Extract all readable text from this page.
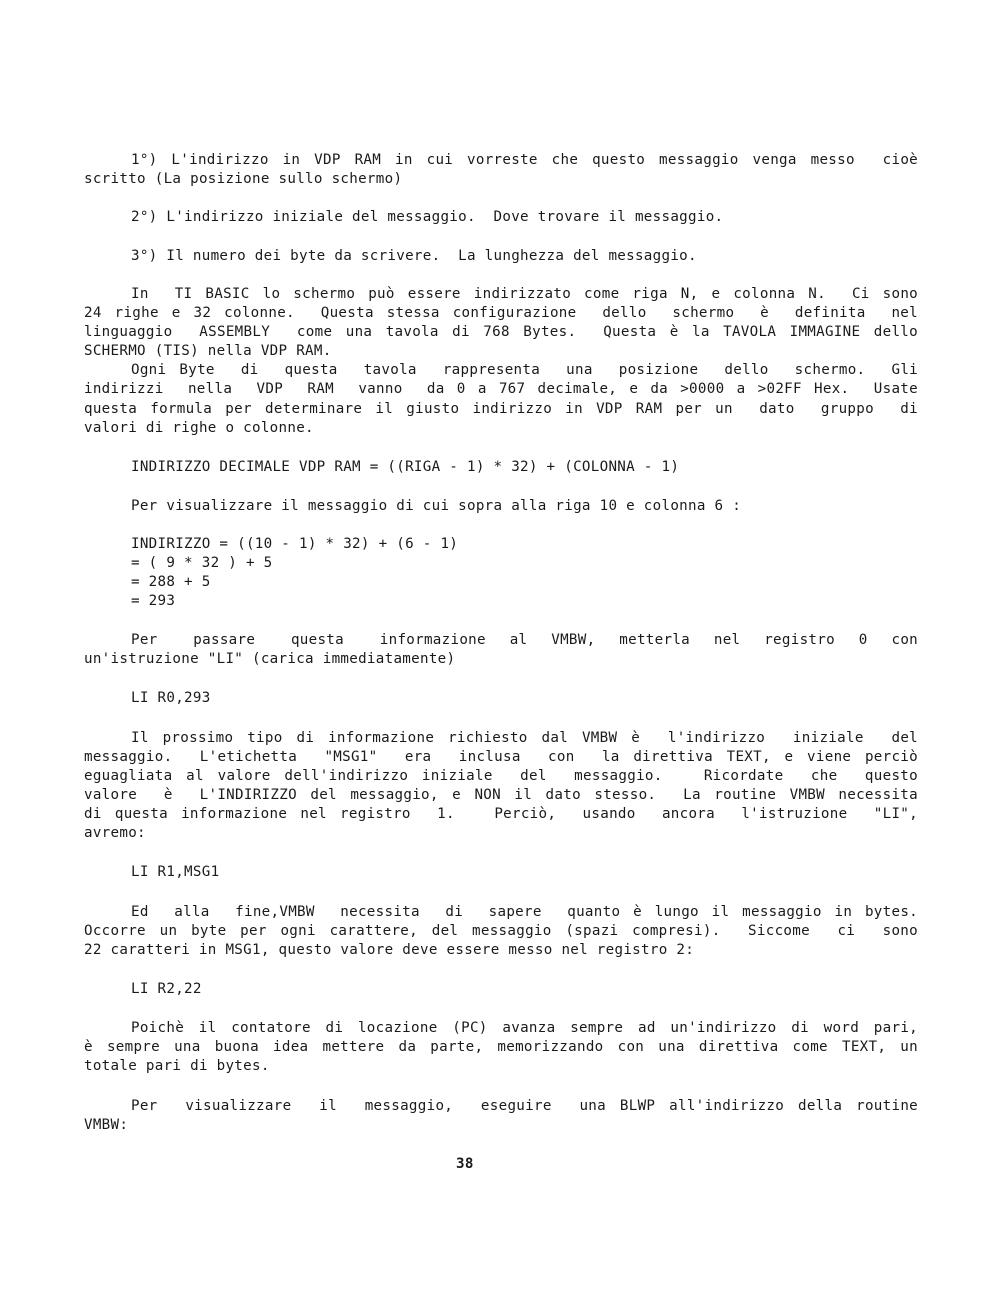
1°) L'indirizzo in VDP RAM in cui vorreste che questo messaggio venga messo  cioè
scritto (La posizione sullo schermo)
2°) L'indirizzo iniziale del messaggio.  Dove trovare il messaggio.
3°) Il numero dei byte da scrivere.  La lunghezza del messaggio.
In  TI BASIC lo schermo può essere indirizzato come riga N, e colonna N.  Ci sono
24 righe e 32 colonne.  Questa stessa configurazione  dello  schermo  è  definita  nel
linguaggio  ASSEMBLY  come una tavola di 768 Bytes.  Questa è la TAVOLA IMMAGINE dello
SCHERMO (TIS) nella VDP RAM.
Ogni Byte  di  questa  tavola  rappresenta  una  posizione  dello  schermo.  Gli
indirizzi  nella  VDP  RAM  vanno  da 0 a 767 decimale, e da >0000 a >02FF Hex.  Usate
questa formula per determinare il giusto indirizzo in VDP RAM per un  dato  gruppo  di
valori di righe o colonne.
INDIRIZZO DECIMALE VDP RAM = ((RIGA - 1) * 32) + (COLONNA - 1)
Per visualizzare il messaggio di cui sopra alla riga 10 e colonna 6 :
INDIRIZZO = ((10 - 1) * 32) + (6 - 1)
= ( 9 * 32 ) + 5
= 288 + 5
= 293
Per   passare   questa   informazione  al  VMBW,  metterla  nel  registro  0  con
un'istruzione "LI" (carica immediatamente)
LI R0,293
Il prossimo tipo di informazione richiesto dal VMBW è  l'indirizzo  iniziale  del
messaggio.  L'etichetta  "MSG1"  era  inclusa  con  la direttiva TEXT, e viene perciò
eguagliata al valore dell'indirizzo iniziale  del  messaggio.   Ricordate  che  questo
valore  è  L'INDIRIZZO del messaggio, e NON il dato stesso.  La routine VMBW necessita
di questa informazione nel registro  1.   Perciò,  usando  ancora  l'istruzione  "LI",
avremo:
LI R1,MSG1
Ed  alla  fine,VMBW  necessita  di  sapere  quanto è lungo il messaggio in bytes.
Occorre un byte per ogni carattere, del messaggio (spazi compresi).  Siccome  ci  sono
22 caratteri in MSG1, questo valore deve essere messo nel registro 2:
LI R2,22
Poichè il contatore di locazione (PC) avanza sempre ad un'indirizzo di word pari,
è sempre una buona idea mettere da parte, memorizzando con una direttiva come TEXT, un
totale pari di bytes.
Per  visualizzare  il  messaggio,  eseguire  una BLWP all'indirizzo della routine
VMBW:
38
